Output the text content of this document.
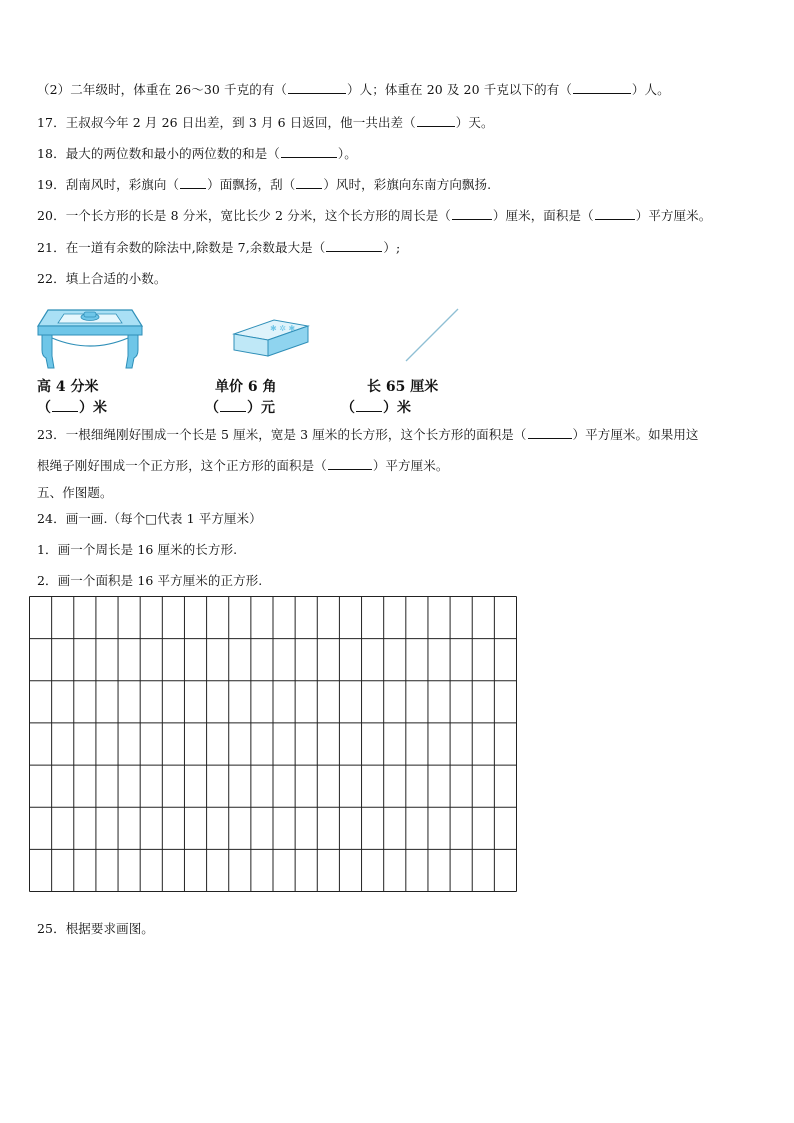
（2）二年级时，体重在 26～30 千克的有（	）人；体重在 20 及 20 千克以下的有（	）人。
17．王叔叔今年 2 月 26 日出差，到 3 月 6 日返回，他一共出差（	）天。
18．最大的两位数和最小的两位数的和是（	）。
19．刮南风时，彩旗向（ ）面飘扬，刮（ ）风时，彩旗向东南方向飘扬.
20．一个长方形的长是 8 分米，宽比长少 2 分米，这个长方形的周长是（	）厘米，面积是（	）平方厘米。
21．在一道有余数的除法中,除数是 7,余数最大是（	）;
22．填上合适的小数。
✱ ✲ ✱
高 4 分米	单价 6 角	长 65 厘米
（ ）米	（ ）元	（ ）米
23．一根细绳刚好围成一个长是 5 厘米，宽是 3 厘米的长方形，这个长方形的面积是（	）平方厘米。如果用这
根绳子刚好围成一个正方形，这个正方形的面积是（	）平方厘米。
五、作图题。
24．画一画.（每个□代表 1 平方厘米）
1．画一个周长是 16 厘米的长方形.
2．画一个面积是 16 平方厘米的正方形.
25．根据要求画图。
